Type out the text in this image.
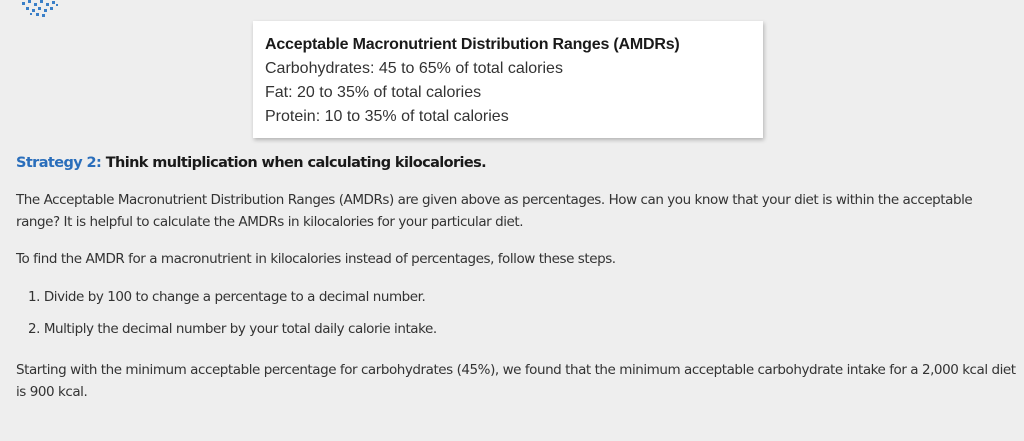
Acceptable Macronutrient Distribution Ranges (AMDRs)
Carbohydrates: 45 to 65% of total calories
Fat: 20 to 35% of total calories
Protein: 10 to 35% of total calories
Strategy 2: Think multiplication when calculating kilocalories.
The Acceptable Macronutrient Distribution Ranges (AMDRs) are given above as percentages. How can you know that your diet is within the acceptable range? It is helpful to calculate the AMDRs in kilocalories for your particular diet.
To find the AMDR for a macronutrient in kilocalories instead of percentages, follow these steps.
1. Divide by 100 to change a percentage to a decimal number.
2. Multiply the decimal number by your total daily calorie intake.
Starting with the minimum acceptable percentage for carbohydrates (45%), we found that the minimum acceptable carbohydrate intake for a 2,000 kcal diet is 900 kcal.
